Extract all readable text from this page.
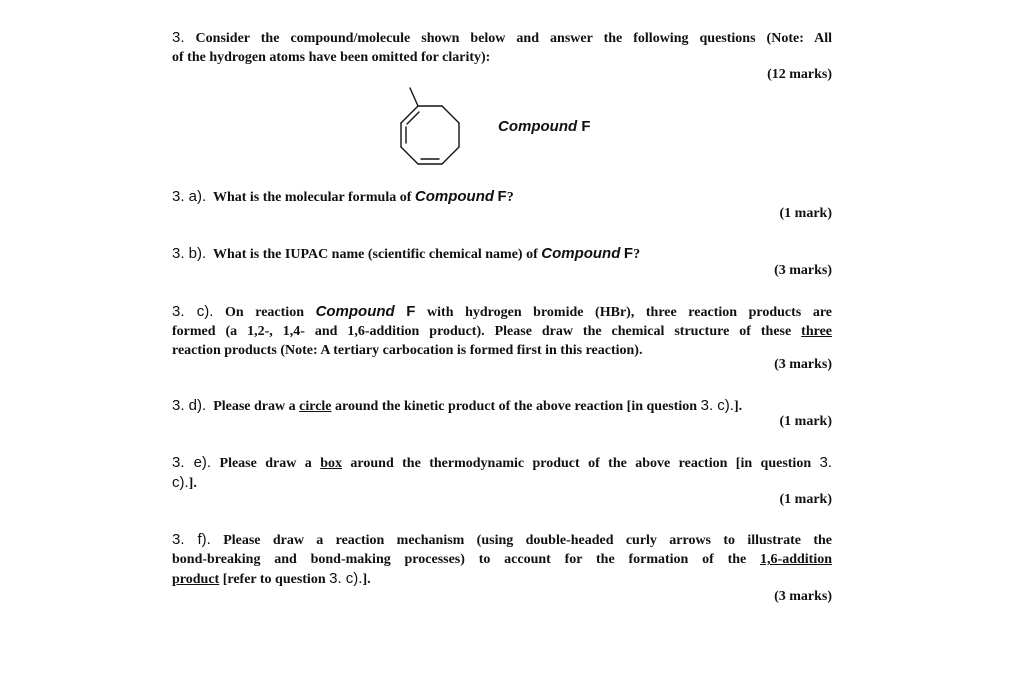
3. Consider the compound/molecule shown below and answer the following questions (Note: All
of the hydrogen atoms have been omitted for clarity):
(12 marks)
Compound F
3. a). What is the molecular formula of Compound F?
(1 mark)
3. b). What is the IUPAC name (scientific chemical name) of Compound F?
(3 marks)
3. c). On reaction Compound F with hydrogen bromide (HBr), three reaction products are
formed (a 1,2-, 1,4- and 1,6-addition product). Please draw the chemical structure of these three
reaction products (Note: A tertiary carbocation is formed first in this reaction).
(3 marks)
3. d). Please draw a circle around the kinetic product of the above reaction [in question 3. c).].
(1 mark)
3. e). Please draw a box around the thermodynamic product of the above reaction [in question 3.
c).].
(1 mark)
3. f). Please draw a reaction mechanism (using double-headed curly arrows to illustrate the
bond-breaking and bond-making processes) to account for the formation of the 1,6-addition
product [refer to question 3. c).].
(3 marks)
